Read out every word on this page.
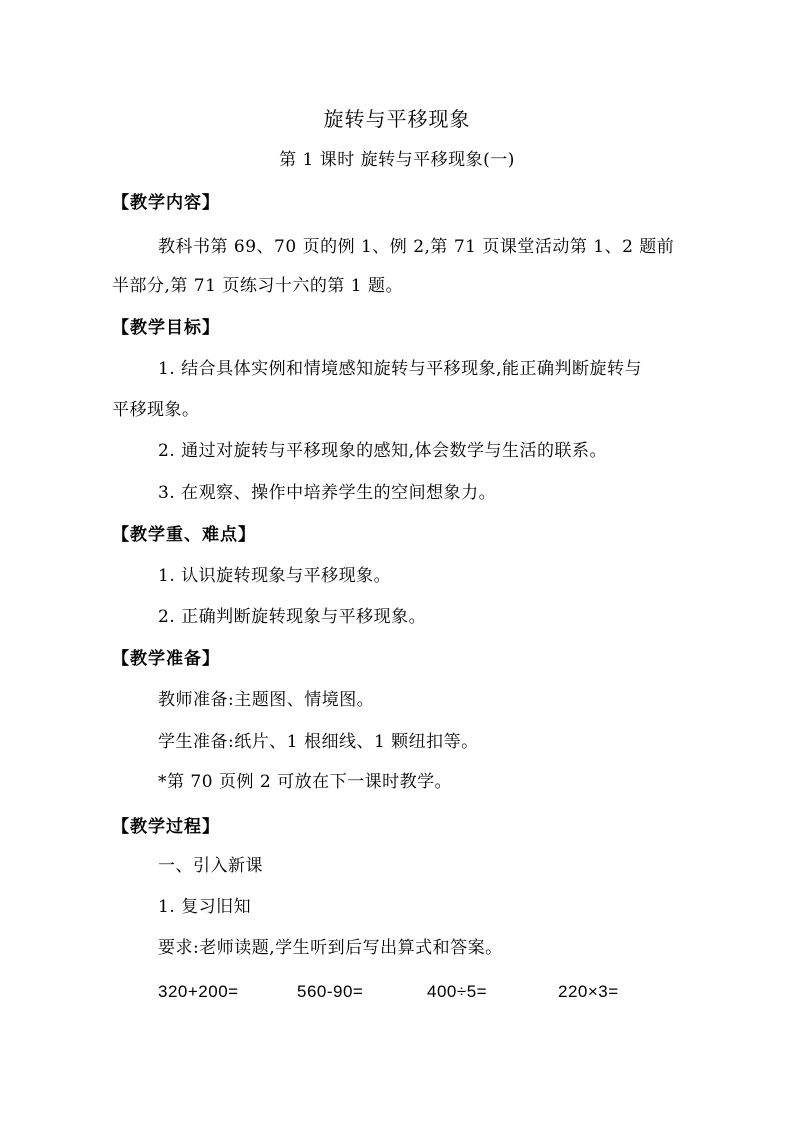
旋转与平移现象
第 1 课时 旋转与平移现象(一)
【教学内容】
教科书第 69、70 页的例 1、例 2,第 71 页课堂活动第 1、2 题前
半部分,第 71 页练习十六的第 1 题。
【教学目标】
1. 结合具体实例和情境感知旋转与平移现象,能正确判断旋转与
平移现象。
2. 通过对旋转与平移现象的感知,体会数学与生活的联系。
3. 在观察、操作中培养学生的空间想象力。
【教学重、难点】
1. 认识旋转现象与平移现象。
2. 正确判断旋转现象与平移现象。
【教学准备】
教师准备:主题图、情境图。
学生准备:纸片、1 根细线、1 颗纽扣等。
*第 70 页例 2 可放在下一课时教学。
【教学过程】
一、引入新课
1. 复习旧知
要求:老师读题,学生听到后写出算式和答案。
320+200=	560-90=	400÷5=	220×3=
